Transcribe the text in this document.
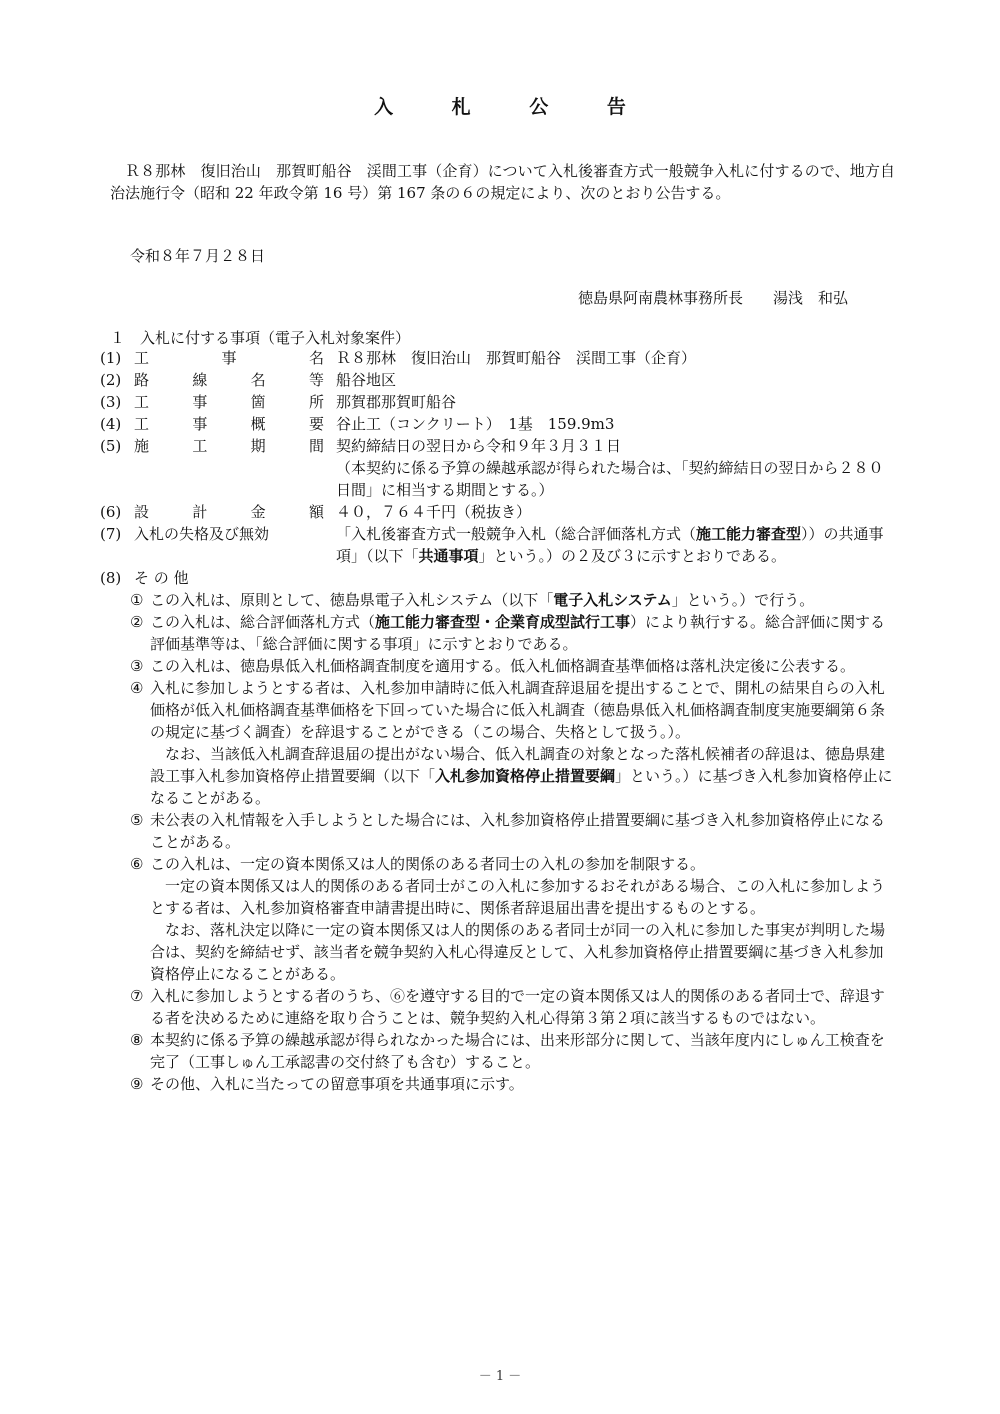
入 札 公 告

Ｒ８那林　復旧治山　那賀町船谷　渓間工事（企育）について入札後審査方式一般競争入札に付するので、地方自治法施行令（昭和 22 年政令第 16 号）第 167 条の６の規定により、次のとおり公告する。

令和８年７月２８日

徳島県阿南農林事務所長 湯浅　和弘

１　入札に付する事項（電子入札対象案件）

(1) 工	事	名 Ｒ８那林　復旧治山　那賀町船谷　渓間工事（企育）

(2) 路	線	名	等 船谷地区

(3) 工	事	箇	所 那賀郡那賀町船谷

(4) 工	事	概	要 谷止工（コンクリート）　1基　159.9m3

(5) 施	工	期	間 契約締結日の翌日から令和９年３月３１日

（本契約に係る予算の繰越承認が得られた場合は、「契約締結日の翌日から２８０日間」に相当する期間とする。）

(6) 設	計	金	額 ４０，７６４千円（税抜き）

(7) 入札の失格及び無効	「入札後審査方式一般競争入札（総合評価落札方式（施工能力審査型））の共通事項」（以下「共通事項」という。）の２及び３に示すとおりである。

(8) そ の 他

① この入札は、原則として、徳島県電子入札システム（以下「電子入札システム」という。）で行う。

② この入札は、総合評価落札方式（施工能力審査型・企業育成型試行工事）により執行する。総合評価に関する評価基準等は、「総合評価に関する事項」に示すとおりである。

③ この入札は、徳島県低入札価格調査制度を適用する。低入札価格調査基準価格は落札決定後に公表する。

④ 入札に参加しようとする者は、入札参加申請時に低入札調査辞退届を提出することで、開札の結果自らの入札価格が低入札価格調査基準価格を下回っていた場合に低入札調査（徳島県低入札価格調査制度実施要綱第６条の規定に基づく調査）を辞退することができる（この場合、失格として扱う。）。

なお、当該低入札調査辞退届の提出がない場合、低入札調査の対象となった落札候補者の辞退は、徳島県建設工事入札参加資格停止措置要綱（以下「入札参加資格停止措置要綱」という。）に基づき入札参加資格停止になることがある。

⑤ 未公表の入札情報を入手しようとした場合には、入札参加資格停止措置要綱に基づき入札参加資格停止になることがある。

⑥ この入札は、一定の資本関係又は人的関係のある者同士の入札の参加を制限する。

一定の資本関係又は人的関係のある者同士がこの入札に参加するおそれがある場合、この入札に参加しようとする者は、入札参加資格審査申請書提出時に、関係者辞退届出書を提出するものとする。

なお、落札決定以降に一定の資本関係又は人的関係のある者同士が同一の入札に参加した事実が判明した場合は、契約を締結せず、該当者を競争契約入札心得違反として、入札参加資格停止措置要綱に基づき入札参加資格停止になることがある。

⑦ 入札に参加しようとする者のうち、⑥を遵守する目的で一定の資本関係又は人的関係のある者同士で、辞退する者を決めるために連絡を取り合うことは、競争契約入札心得第３第２項に該当するものではない。

⑧ 本契約に係る予算の繰越承認が得られなかった場合には、出来形部分に関して、当該年度内にしゅん工検査を完了（工事しゅん工承認書の交付終了も含む）すること。

⑨ その他、入札に当たっての留意事項を共通事項に示す。

－ 1 －
